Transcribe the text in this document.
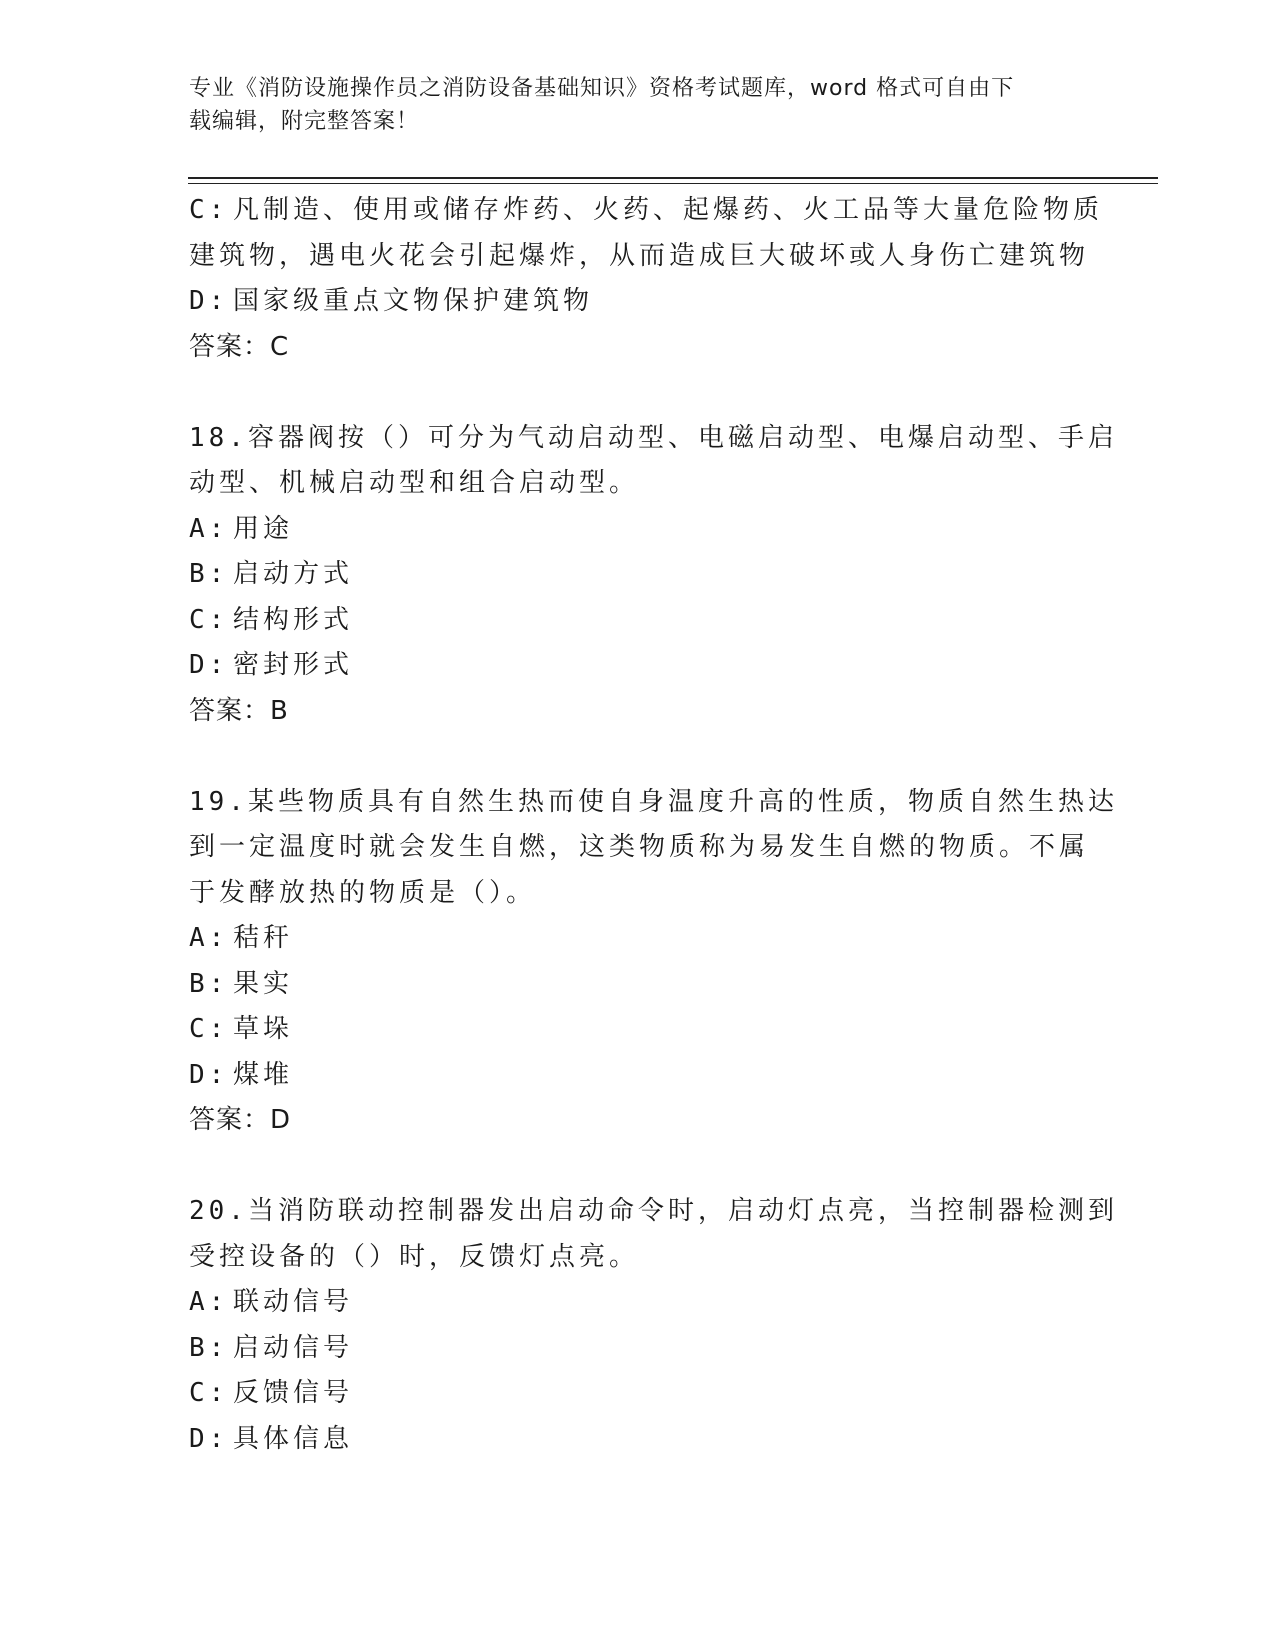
专业《消防设施操作员之消防设备基础知识》资格考试题库，word 格式可自由下
载编辑，附完整答案！
C: 凡制造、使用或储存炸药、火药、起爆药、火工品等大量危险物质
建筑物，遇电火花会引起爆炸，从而造成巨大破坏或人身伤亡建筑物
D: 国家级重点文物保护建筑物
答案：C
18.容器阀按（）可分为气动启动型、电磁启动型、电爆启动型、手启
动型、机械启动型和组合启动型。
A: 用途
B: 启动方式
C: 结构形式
D: 密封形式
答案：B
19.某些物质具有自然生热而使自身温度升高的性质，物质自然生热达
到一定温度时就会发生自燃，这类物质称为易发生自燃的物质。不属
于发酵放热的物质是（）。
A: 秸秆
B: 果实
C: 草垛
D: 煤堆
答案：D
20.当消防联动控制器发出启动命令时，启动灯点亮，当控制器检测到
受控设备的（）时，反馈灯点亮。
A: 联动信号
B: 启动信号
C: 反馈信号
D: 具体信息
